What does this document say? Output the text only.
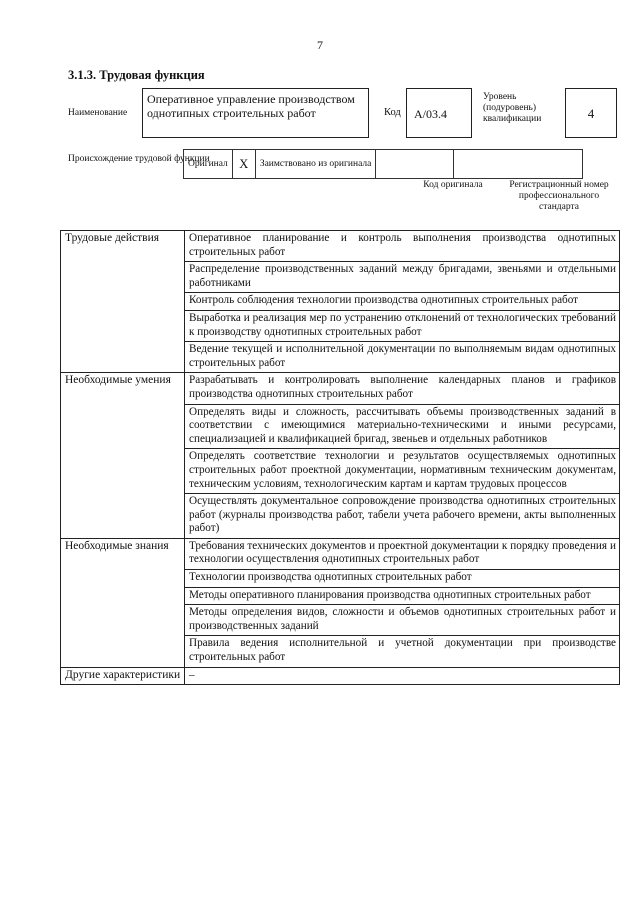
7
3.1.3. Трудовая функция
Наименование
Оперативное управление производством однотипных строительных работ	Код	А/03.4
Уровень (подуровень) квалификации	4
Происхождение трудовой функции
Оригинал	X	Заимствовано из оригинала		
Код оригинала	Регистрационный номер профессионального стандарта
Трудовые действия	Оперативное планирование и контроль выполнения производства однотипных строительных работ
	Распределение производственных заданий между бригадами, звеньями и отдельными работниками
	Контроль соблюдения технологии производства однотипных строительных работ
	Выработка и реализация мер по устранению отклонений от технологических требований к производству однотипных строительных работ
	Ведение текущей и исполнительной документации по выполняемым видам однотипных строительных работ
Необходимые умения	Разрабатывать и контролировать выполнение календарных планов и графиков производства однотипных строительных работ
	Определять виды и сложность, рассчитывать объемы производственных заданий в соответствии с имеющимися материально-техническими и иными ресурсами, специализацией и квалификацией бригад, звеньев и отдельных работников
	Определять соответствие технологии и результатов осуществляемых однотипных строительных работ проектной документации, нормативным техническим документам, техническим условиям, технологическим картам и картам трудовых процессов
	Осуществлять документальное сопровождение производства однотипных строительных работ (журналы производства работ, табели учета рабочего времени, акты выполненных работ)
Необходимые знания	Требования технических документов и проектной документации к порядку проведения и технологии осуществления однотипных строительных работ
	Технологии производства однотипных строительных работ
	Методы оперативного планирования производства однотипных строительных работ
	Методы определения видов, сложности и объемов однотипных строительных работ и производственных заданий
	Правила ведения исполнительной и учетной документации при производстве строительных работ
Другие характеристики	–
